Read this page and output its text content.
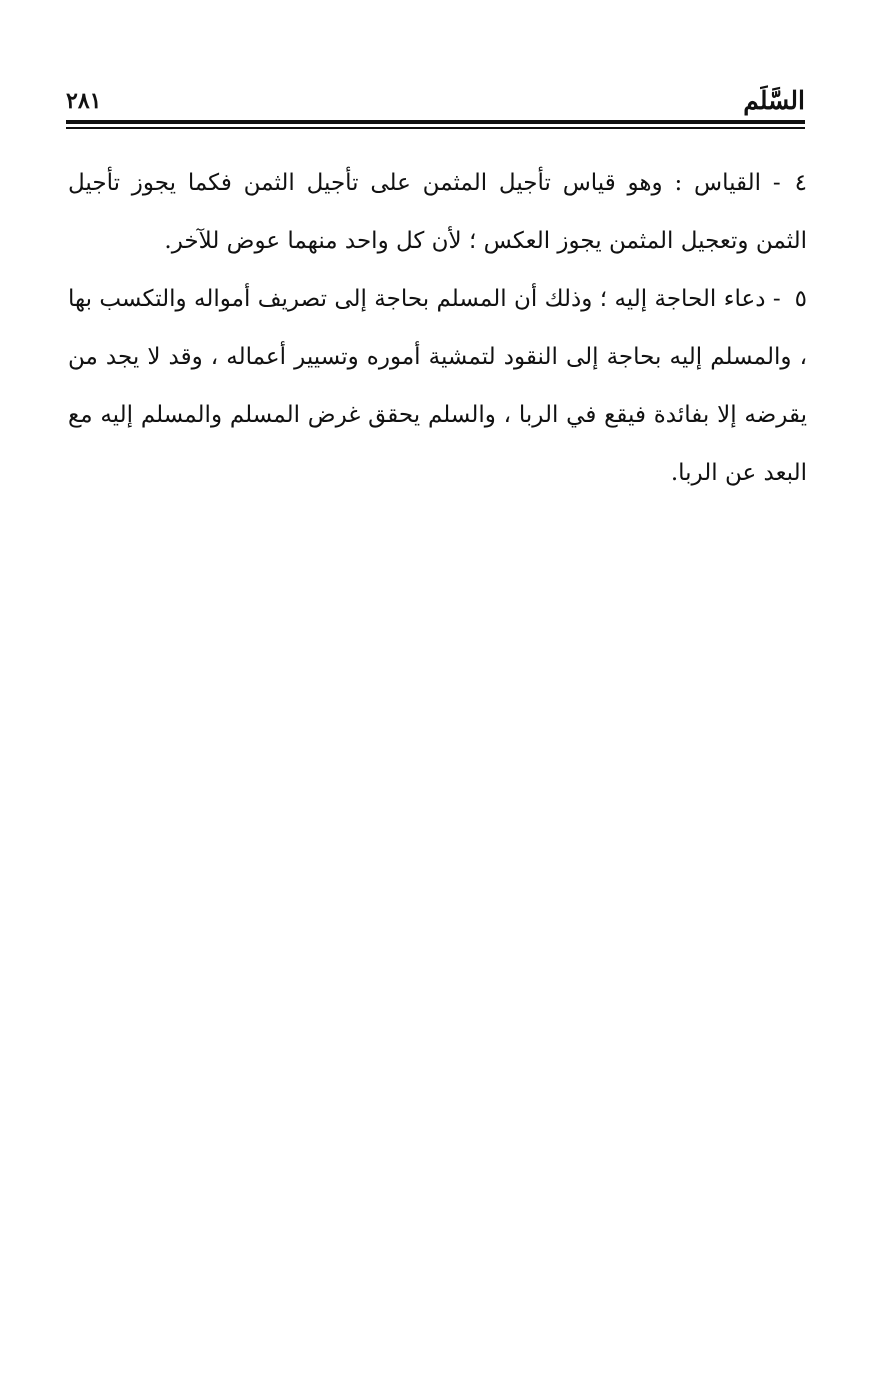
السَّلَم
٢٨١

٤- القياس : وهو قياس تأجيل المثمن على تأجيل الثمن فكما يجوز تأجيل الثمن وتعجيل المثمن يجوز العكس ؛ لأن كل واحد منهما عوض للآخر.

٥- دعاء الحاجة إليه ؛ وذلك أن المسلم بحاجة إلى تصريف أمواله والتكسب بها ، والمسلم إليه بحاجة إلى النقود لتمشية أموره وتسيير أعماله ، وقد لا يجد من يقرضه إلا بفائدة فيقع في الربا ، والسلم يحقق غرض المسلم والمسلم إليه مع البعد عن الربا.
